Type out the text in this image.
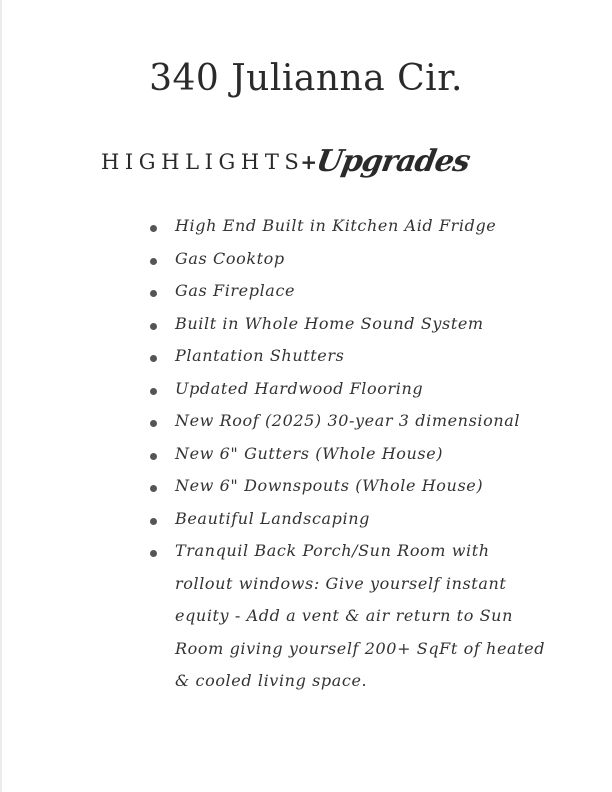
340 Julianna Cir.
HIGHLIGHTS+Upgrades
High End Built in Kitchen Aid Fridge
Gas Cooktop
Gas Fireplace
Built in Whole Home Sound System
Plantation Shutters
Updated Hardwood Flooring
New Roof (2025) 30-year 3 dimensional
New 6" Gutters (Whole House)
New 6" Downspouts (Whole House)
Beautiful Landscaping
Tranquil Back Porch/Sun Room with rollout windows: Give yourself instant equity - Add a vent & air return to Sun Room giving yourself 200+ SqFt of heated & cooled living space.
